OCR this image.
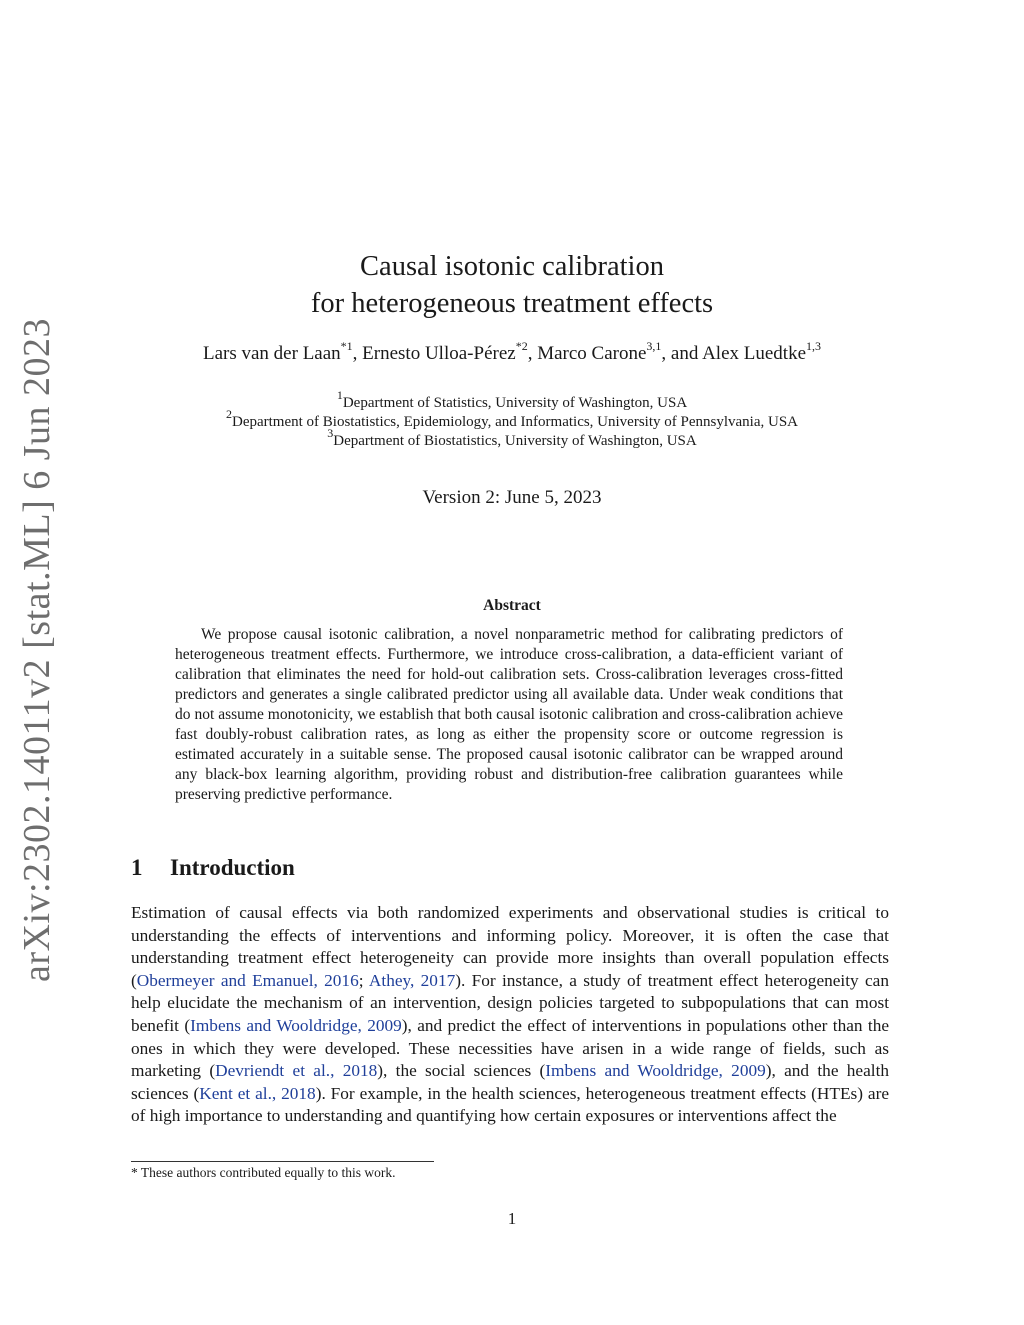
arXiv:2302.14011v2 [stat.ML] 6 Jun 2023
Causal isotonic calibration
for heterogeneous treatment effects
Lars van der Laan$^{*1}$, Ernesto Ulloa-Pérez$^{*2}$, Marco Carone$^{3,1}$, and Alex Luedtke$^{1,3}$
$^1$Department of Statistics, University of Washington, USA
$^2$Department of Biostatistics, Epidemiology, and Informatics, University of Pennsylvania, USA
$^3$Department of Biostatistics, University of Washington, USA
Version 2: June 5, 2023
Abstract
We propose causal isotonic calibration, a novel nonparametric method for calibrating predictors of heterogeneous treatment effects. Furthermore, we introduce cross-calibration, a data-efficient variant of calibration that eliminates the need for hold-out calibration sets. Cross-calibration leverages cross-fitted predictors and generates a single calibrated predictor using all available data. Under weak conditions that do not assume monotonicity, we establish that both causal isotonic calibration and cross-calibration achieve fast doubly-robust calibration rates, as long as either the propensity score or outcome regression is estimated accurately in a suitable sense. The proposed causal isotonic calibrator can be wrapped around any black-box learning algorithm, providing robust and distribution-free calibration guarantees while preserving predictive performance.
1 Introduction
Estimation of causal effects via both randomized experiments and observational studies is critical to understanding the effects of interventions and informing policy. Moreover, it is often the case that understanding treatment effect heterogeneity can provide more insights than overall population effects (Obermeyer and Emanuel, 2016; Athey, 2017). For instance, a study of treatment effect heterogeneity can help elucidate the mechanism of an intervention, design policies targeted to subpopulations that can most benefit (Imbens and Wooldridge, 2009), and predict the effect of interventions in populations other than the ones in which they were developed. These necessities have arisen in a wide range of fields, such as marketing (Devriendt et al., 2018), the social sciences (Imbens and Wooldridge, 2009), and the health sciences (Kent et al., 2018). For example, in the health sciences, heterogeneous treatment effects (HTEs) are of high importance to understanding and quantifying how certain exposures or interventions affect the
* These authors contributed equally to this work.
1
